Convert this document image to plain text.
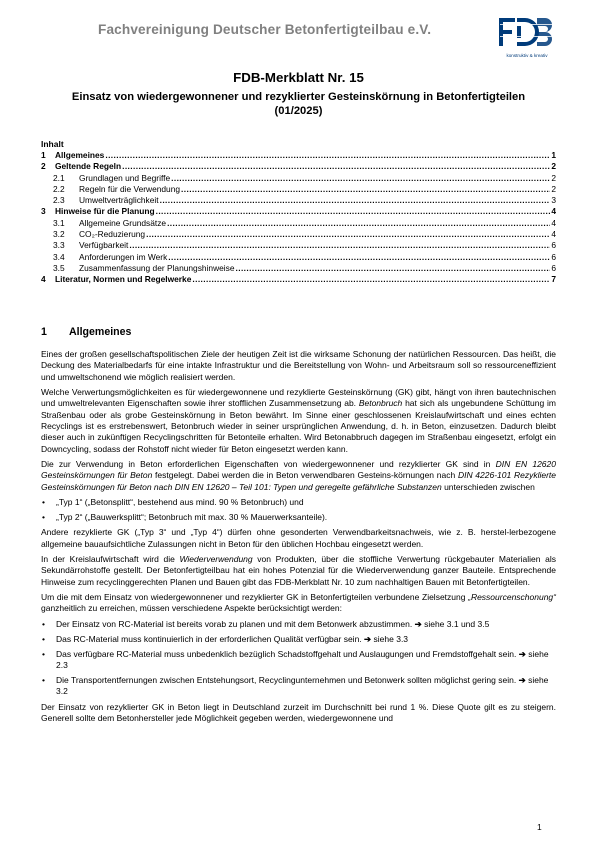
Fachvereinigung Deutscher Betonfertigteilbau e.V.
konstruktiv & kreativ
FDB-Merkblatt Nr. 15
Einsatz von wiedergewonnener und rezyklierter Gesteinskörnung in Betonfertigteilen
(01/2025)
Inhalt
1	Allgemeines .....	1
2	Geltende Regeln .....	2
2.1	Grundlagen und Begriffe .....	2
2.2	Regeln für die Verwendung .....	2
2.3	Umweltverträglichkeit .....	3
3	Hinweise für die Planung .....	4
3.1	Allgemeine Grundsätze .....	4
3.2	CO₂-Reduzierung .....	4
3.3	Verfügbarkeit .....	6
3.4	Anforderungen im Werk .....	6
3.5	Zusammenfassung der Planungshinweise .....	6
4	Literatur, Normen und Regelwerke .....	7
1 Allgemeines

Eines der großen gesellschaftspolitischen Ziele der heutigen Zeit ist die wirksame Schonung der natürlichen Ressourcen. Das heißt, die Deckung des Materialbedarfs für eine intakte Infrastruktur und die Bereitstellung von Wohn- und Arbeitsraum soll so ressourceneffizient und umweltschonend wie möglich realisiert werden.

Welche Verwertungsmöglichkeiten es für wiedergewonnene und rezyklierte Gesteinskörnung (GK) gibt, hängt von ihren bautechnischen und umweltrelevanten Eigenschaften sowie ihrer stofflichen Zusammensetzung ab. Betonbruch hat sich als ungebundene Schüttung im Straßenbau oder als grobe Gesteinskörnung in Beton bewährt. Im Sinne einer geschlossenen Kreislaufwirtschaft und eines echten Recyclings ist es erstrebenswert, Betonbruch wieder in seiner ursprünglichen Anwendung, d. h. in Beton, einzusetzen. Dadurch bleibt dieser auch in zukünftigen Recyclingschritten für Betonteile erhalten. Wird Betonabbruch dagegen im Straßenbau eingesetzt, erfolgt ein Downcycling, sodass der Rohstoff nicht wieder für Beton eingesetzt werden kann.

Die zur Verwendung in Beton erforderlichen Eigenschaften von wiedergewonnener und rezyklierter GK sind in DIN EN 12620 Gesteinskörnungen für Beton festgelegt. Dabei werden die in Beton verwendbaren Gesteins-körnungen nach DIN 4226-101 Rezyklierte Gesteinskörnungen für Beton nach DIN EN 12620 – Teil 101: Typen und geregelte gefährliche Substanzen unterschieden zwischen

• „Typ 1“ („Betonsplitt“, bestehend aus mind. 90 % Betonbruch) und
• „Typ 2“ („Bauwerksplitt“; Betonbruch mit max. 30 % Mauerwerksanteile).

Andere rezyklierte GK („Typ 3“ und „Typ 4“) dürfen ohne gesonderten Verwendbarkeitsnachweis, wie z. B. herstel-lerbezogene allgemeine bauaufsichtliche Zulassungen nicht in Beton für den üblichen Hochbau eingesetzt werden.

In der Kreislaufwirtschaft wird die Wiederverwendung von Produkten, über die stoffliche Verwertung rückgebauter Materialien als Sekundärrohstoffe gestellt. Der Betonfertigteilbau hat ein hohes Potenzial für die Wiederverwendung ganzer Bauteile. Entsprechende Hinweise zum recyclinggerechten Planen und Bauen gibt das FDB-Merkblatt Nr. 10 zum nachhaltigen Bauen mit Betonfertigteilen.

Um die mit dem Einsatz von wiedergewonnener und rezyklierter GK in Betonfertigteilen verbundene Zielsetzung „Ressourcenschonung“ ganzheitlich zu erreichen, müssen verschiedene Aspekte berücksichtigt werden:

• Der Einsatz von RC-Material ist bereits vorab zu planen und mit dem Betonwerk abzustimmen. ➔ siehe 3.1 und 3.5
• Das RC-Material muss kontinuierlich in der erforderlichen Qualität verfügbar sein. ➔ siehe 3.3
• Das verfügbare RC-Material muss unbedenklich bezüglich Schadstoffgehalt und Auslaugungen und Fremdstoffgehalt sein. ➔ siehe 2.3
• Die Transportentfernungen zwischen Entstehungsort, Recyclingunternehmen und Betonwerk sollten möglichst gering sein. ➔ siehe 3.2

Der Einsatz von rezyklierter GK in Beton liegt in Deutschland zurzeit im Durchschnitt bei rund 1 %. Diese Quote gilt es zu steigern. Generell sollte dem Betonhersteller jede Möglichkeit gegeben werden, wiedergewonnene und

1
